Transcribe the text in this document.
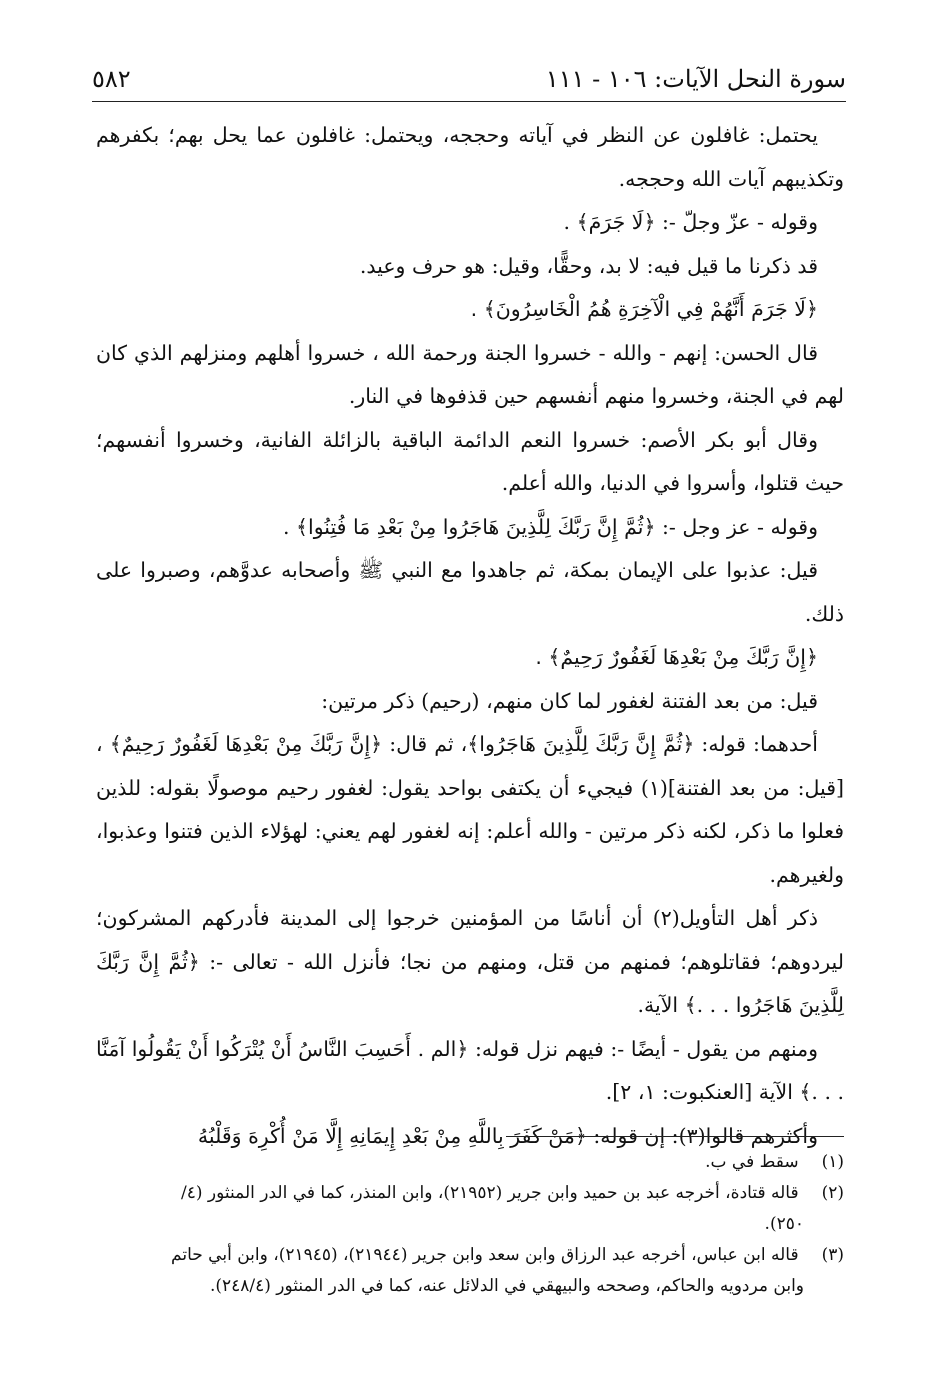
سورة النحل الآيات: ١٠٦ - ١١١
٥٨٢

يحتمل: غافلون عن النظر في آياته وحججه، ويحتمل: غافلون عما يحل بهم؛ بكفرهم وتكذيبهم آيات الله وحججه.

وقوله - عزّ وجلّ -: ﴿لَا جَرَمَ﴾ .

قد ذكرنا ما قيل فيه: لا بد، وحقًّا، وقيل: هو حرف وعيد.

﴿لَا جَرَمَ أَنَّهُمْ فِي الْآخِرَةِ هُمُ الْخَاسِرُونَ﴾ .

قال الحسن: إنهم - والله - خسروا الجنة ورحمة الله ، خسروا أهلهم ومنزلهم الذي كان لهم في الجنة، وخسروا منهم أنفسهم حين قذفوها في النار.

وقال أبو بكر الأصم: خسروا النعم الدائمة الباقية بالزائلة الفانية، وخسروا أنفسهم؛ حيث قتلوا، وأسروا في الدنيا، والله أعلم.

وقوله - عز وجل -: ﴿ثُمَّ إِنَّ رَبَّكَ لِلَّذِينَ هَاجَرُوا مِنْ بَعْدِ مَا فُتِنُوا﴾ .

قيل: عذبوا على الإيمان بمكة، ثم جاهدوا مع النبي ﷺ وأصحابه عدوَّهم، وصبروا على ذلك.

﴿إِنَّ رَبَّكَ مِنْ بَعْدِهَا لَغَفُورٌ رَحِيمٌ﴾ .

قيل: من بعد الفتنة لغفور لما كان منهم، (رحيم) ذكر مرتين:

أحدهما: قوله: ﴿ثُمَّ إِنَّ رَبَّكَ لِلَّذِينَ هَاجَرُوا﴾، ثم قال: ﴿إِنَّ رَبَّكَ مِنْ بَعْدِهَا لَغَفُورٌ رَحِيمٌ﴾ ، [قيل: من بعد الفتنة](١) فيجيء أن يكتفى بواحد يقول: لغفور رحيم موصولًا بقوله: للذين فعلوا ما ذكر، لكنه ذكر مرتين - والله أعلم: إنه لغفور لهم يعني: لهؤلاء الذين فتنوا وعذبوا، ولغيرهم.

ذكر أهل التأويل(٢) أن أناسًا من المؤمنين خرجوا إلى المدينة فأدركهم المشركون؛ ليردوهم؛ فقاتلوهم؛ فمنهم من قتل، ومنهم من نجا؛ فأنزل الله - تعالى -: ﴿ثُمَّ إِنَّ رَبَّكَ لِلَّذِينَ هَاجَرُوا . . .﴾ الآية.

ومنهم من يقول - أيضًا -: فيهم نزل قوله: ﴿الم . أَحَسِبَ النَّاسُ أَنْ يُتْرَكُوا أَنْ يَقُولُوا آمَنَّا . . .﴾ الآية [العنكبوت: ١، ٢].

وأكثرهم قالوا(٣): إن قوله: ﴿مَنْ كَفَرَ بِاللَّهِ مِنْ بَعْدِ إِيمَانِهِ إِلَّا مَنْ أُكْرِهَ وَقَلْبُهُ

(١) سقط في ب.

(٢) قاله قتادة، أخرجه عبد بن حميد وابن جرير (٢١٩٥٢)، وابن المنذر، كما في الدر المنثور (٤/

٢٥٠).

(٣) قاله ابن عباس، أخرجه عبد الرزاق وابن سعد وابن جرير (٢١٩٤٤)، (٢١٩٤٥)، وابن أبي حاتم

وابن مردويه والحاكم، وصححه والبيهقي في الدلائل عنه، كما في الدر المنثور (٢٤٨/٤).
